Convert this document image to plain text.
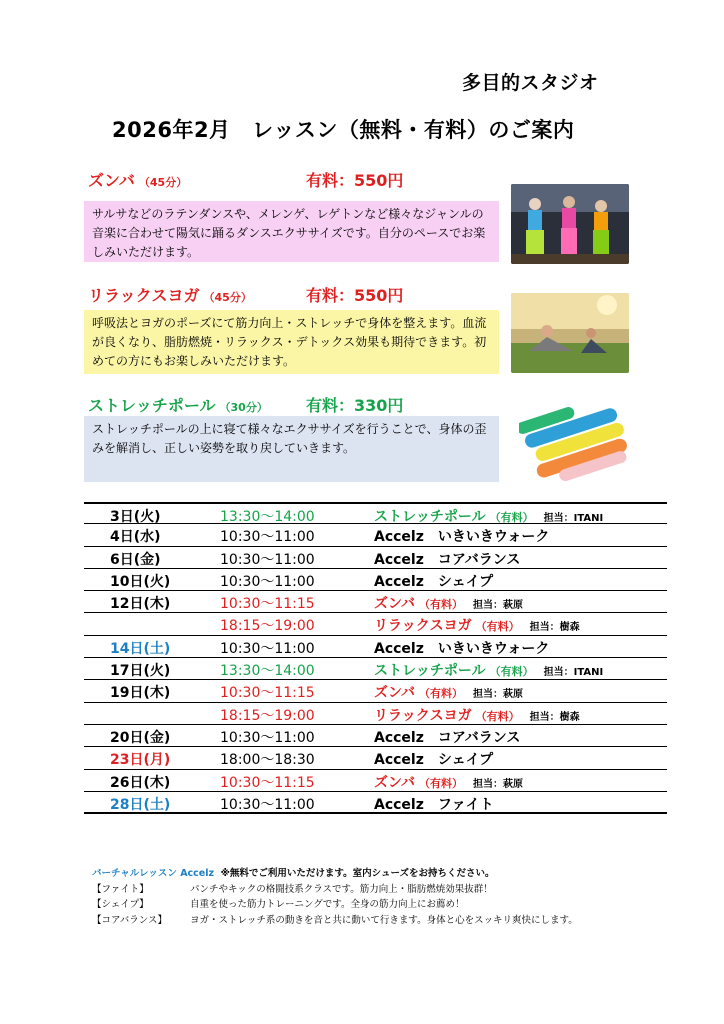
多目的スタジオ
2026年2月　レッスン（無料・有料）のご案内
ズンバ （45分）	有料：550円
サルサなどのラテンダンスや、メレンゲ、レゲトンなど様々なジャンルの音楽に合わせて陽気に踊るダンスエクササイズです。自分のペースでお楽しみいただけます。
リラックスヨガ （45分）	有料：550円
呼吸法とヨガのポーズにて筋力向上・ストレッチで身体を整えます。血流が良くなり、脂肪燃焼・リラックス・デトックス効果も期待できます。初めての方にもお楽しみいただけます。
ストレッチポール （30分） 有料：330円
ストレッチポールの上に寝て様々なエクササイズを行うことで、身体の歪みを解消し、正しい姿勢を取り戻していきます。
3日(火)	13:30～14:00	ストレッチポール （有料） 担当：ITANI
4日(水)	10:30～11:00	Accelz　いきいきウォーク
6日(金)	10:30～11:00	Accelz　コアバランス
10日(火)	10:30～11:00	Accelz　シェイプ
12日(木)	10:30～11:15	ズンバ （有料） 担当：萩原
18:15～19:00	リラックスヨガ （有料） 担当：樹森
14日(土)	10:30～11:00	Accelz　いきいきウォーク
17日(火)	13:30～14:00	ストレッチポール （有料） 担当：ITANI
19日(木)	10:30～11:15	ズンバ （有料） 担当：萩原
18:15～19:00	リラックスヨガ （有料） 担当：樹森
20日(金)	10:30～11:00	Accelz　コアバランス
23日(月)	18:00～18:30	Accelz　シェイプ
26日(木)	10:30～11:15	ズンバ （有料） 担当：萩原
28日(土)	10:30～11:00	Accelz　ファイト
バーチャルレッスン Accelz ※無料でご利用いただけます。室内シューズをお持ちください。
【ファイト】	パンチやキックの格闘技系クラスです。筋力向上・脂肪燃焼効果抜群！
【シェイプ】	自重を使った筋力トレーニングです。全身の筋力向上にお薦め！
【コアバランス】 ヨガ・ストレッチ系の動きを音と共に動いて行きます。身体と心をスッキリ爽快にします。
